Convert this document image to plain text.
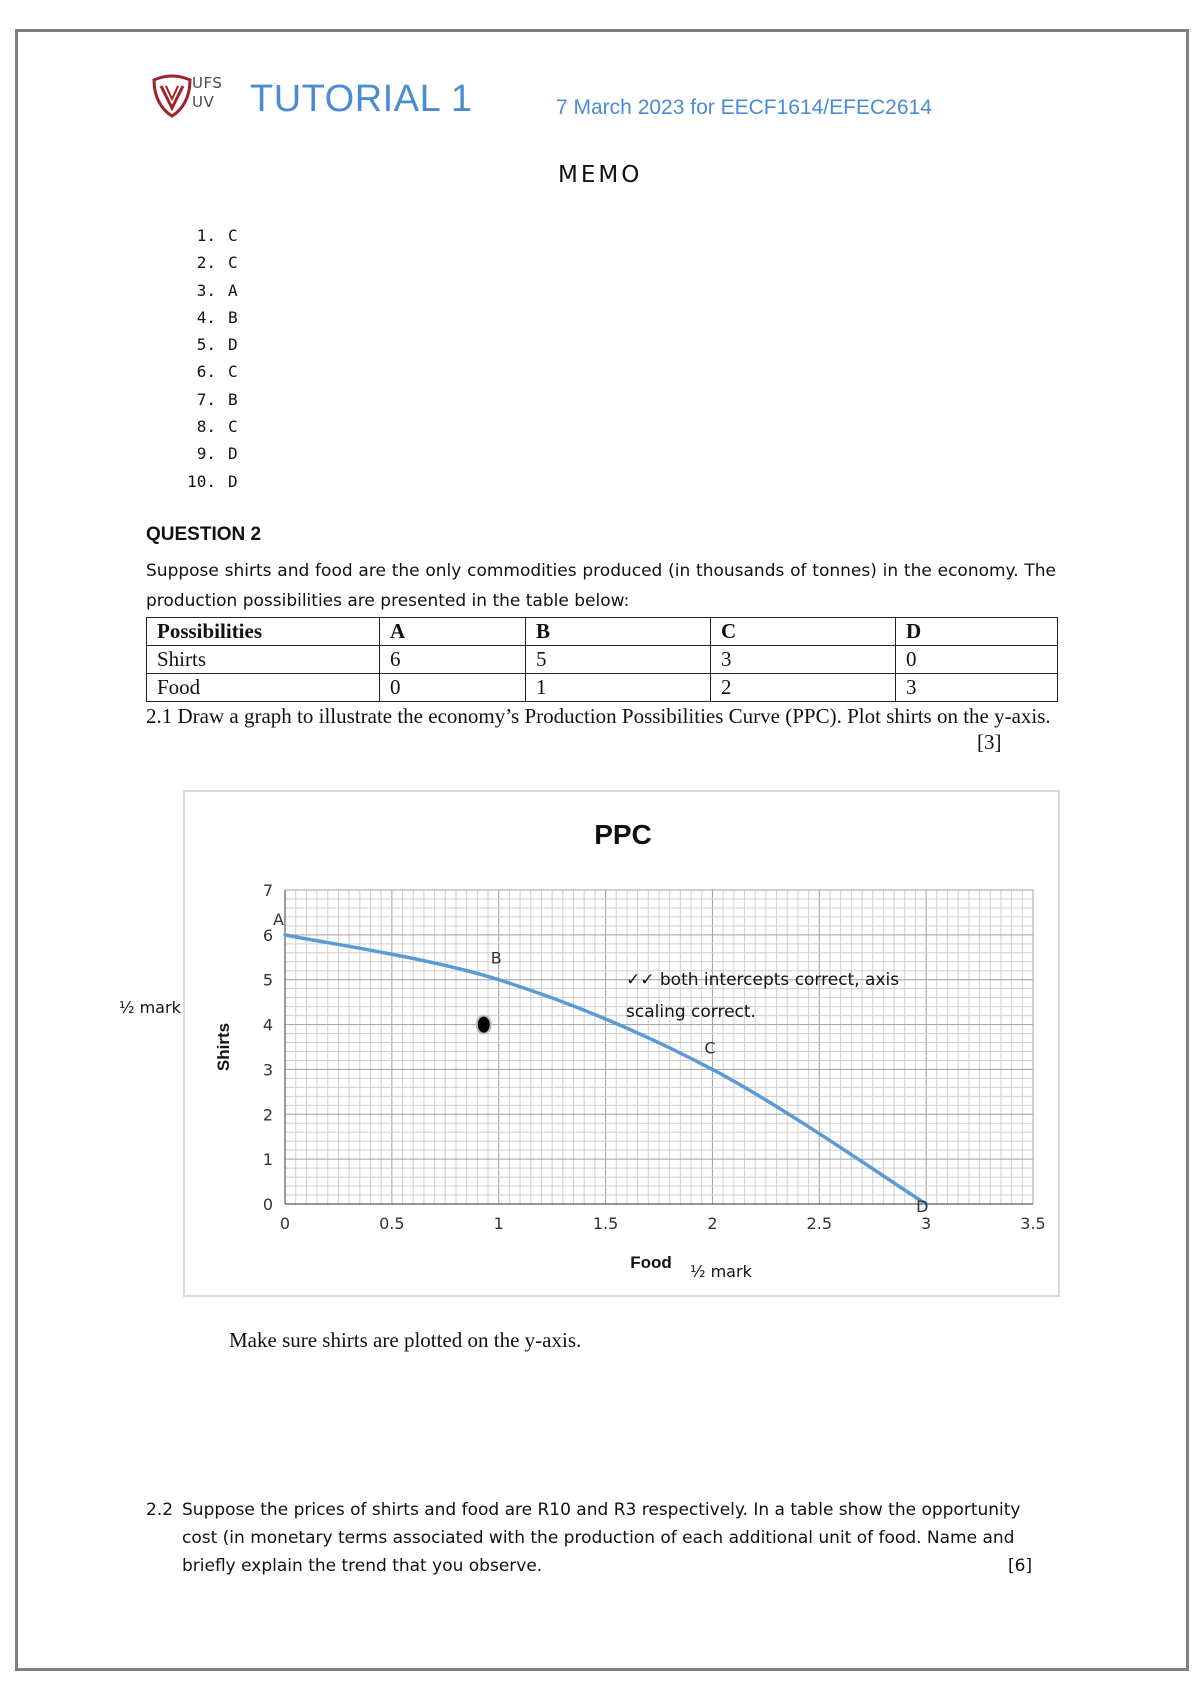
UFS
UV TUTORIAL 1	7 March 2023 for EECF1614/EFEC2614
MEMO
1. C
2. C
3. A
4. B
5. D
6. C
7. B
8. C
9. D
10. D
QUESTION 2

Suppose shirts and food are the only commodities produced (in thousands of tonnes) in the economy. The production possibilities are presented in the table below:

Possibilities	A	B	C	D
Shirts	6	5	3	0
Food	0	1	2	3

2.1 Draw a graph to illustrate the economy’s Production Possibilities Curve (PPC). Plot shirts on the y-axis.

[3]
0	0.5	1	1.5	2	2.5	3	3.5
0
1
2
3
4
5
6
7
PPC
Food
Shirts
A
B
C
D
½ mark
½ mark
✓✓ both intercepts correct, axis
scaling correct.
Make sure shirts are plotted on the y-axis.
2.2 Suppose the prices of shirts and food are R10 and R3 respectively. In a table show the opportunity cost (in monetary terms associated with the production of each additional unit of food. Name and briefly explain the trend that you observe.	[6]
